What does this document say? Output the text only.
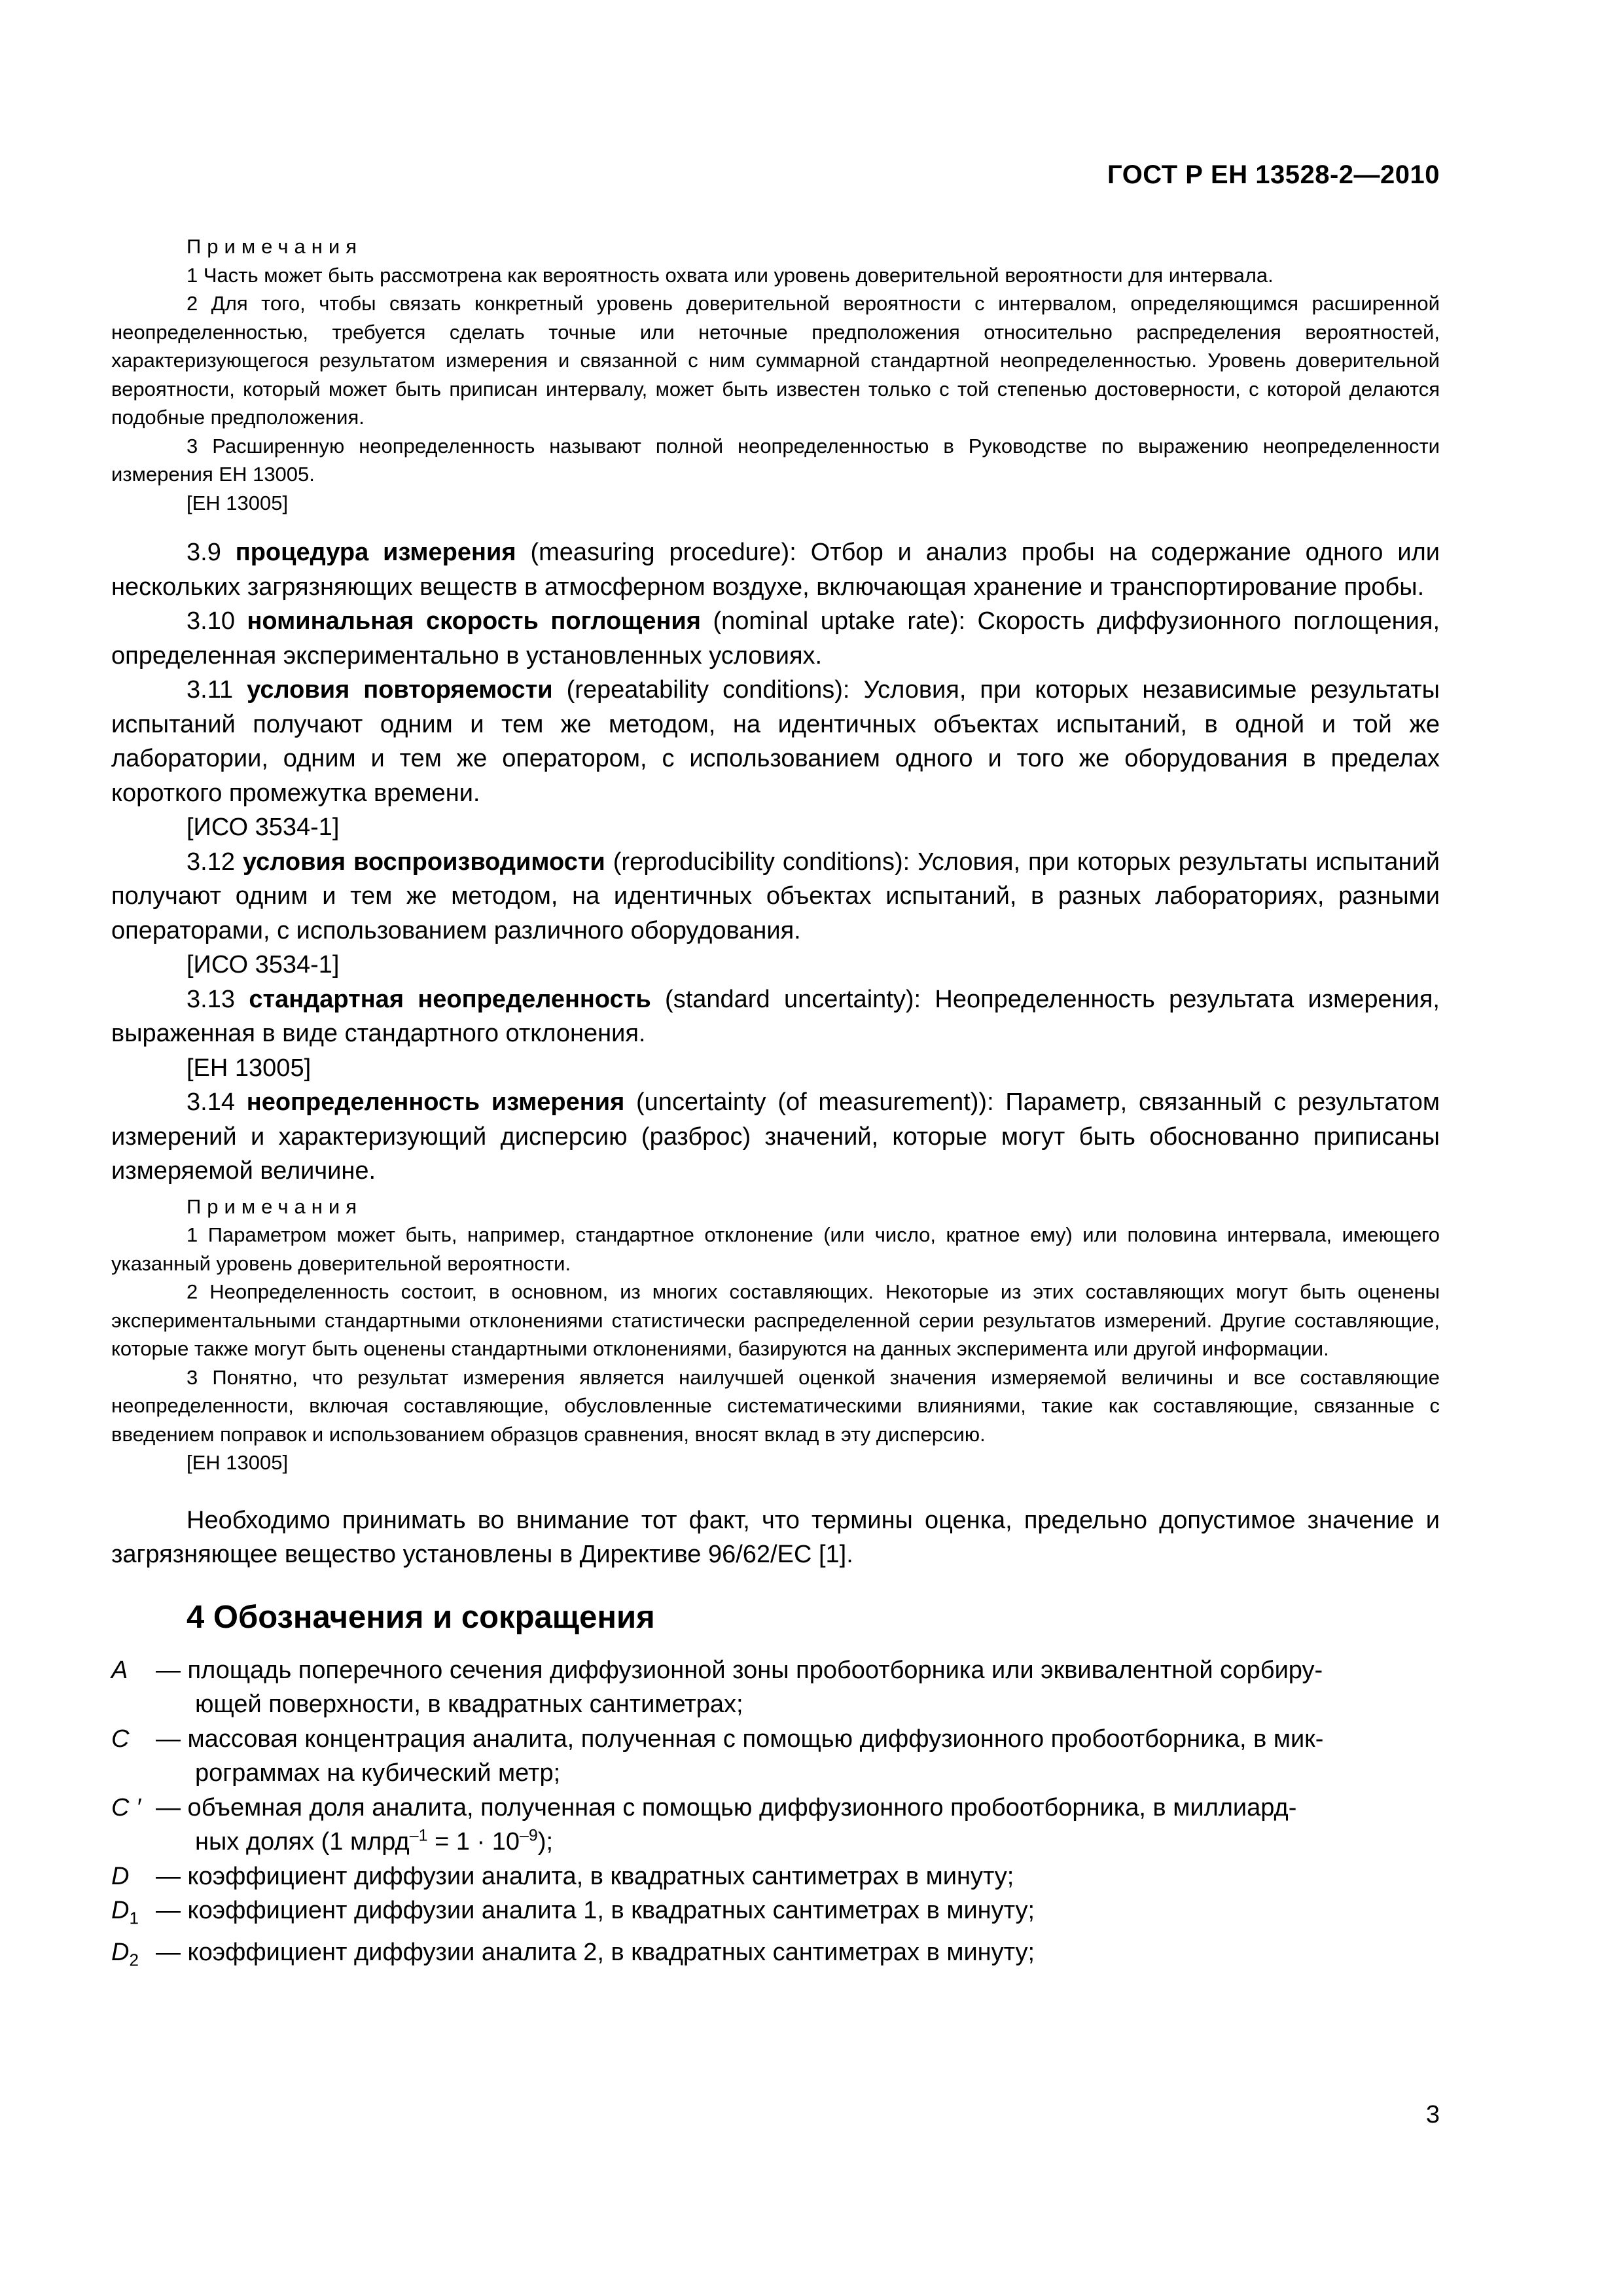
ГОСТ Р ЕН 13528-2—2010

Примечания

1 Часть может быть рассмотрена как вероятность охвата или уровень доверительной вероятности для интервала.

2 Для того, чтобы связать конкретный уровень доверительной вероятности с интервалом, определяющимся расширенной неопределенностью, требуется сделать точные или неточные предположения относительно распределения вероятностей, характеризующегося результатом измерения и связанной с ним суммарной стандартной неопределенностью. Уровень доверительной вероятности, который может быть приписан интервалу, может быть известен только с той степенью достоверности, с которой делаются подобные предположения.

3 Расширенную неопределенность называют полной неопределенностью в Руководстве по выражению неопределенности измерения ЕН 13005.

[ЕН 13005]

3.9 процедура измерения (measuring procedure): Отбор и анализ пробы на содержание одного или нескольких загрязняющих веществ в атмосферном воздухе, включающая хранение и транспортирование пробы.

3.10 номинальная скорость поглощения (nominal uptake rate): Скорость диффузионного поглощения, определенная экспериментально в установленных условиях.

3.11 условия повторяемости (repeatability conditions): Условия, при которых независимые результаты испытаний получают одним и тем же методом, на идентичных объектах испытаний, в одной и той же лаборатории, одним и тем же оператором, с использованием одного и того же оборудования в пределах короткого промежутка времени.

[ИСО 3534-1]

3.12 условия воспроизводимости (reproducibility conditions): Условия, при которых результаты испытаний получают одним и тем же методом, на идентичных объектах испытаний, в разных лабораториях, разными операторами, с использованием различного оборудования.

[ИСО 3534-1]

3.13 стандартная неопределенность (standard uncertainty): Неопределенность результата измерения, выраженная в виде стандартного отклонения.

[ЕН 13005]

3.14 неопределенность измерения (uncertainty (of measurement)): Параметр, связанный с результатом измерений и характеризующий дисперсию (разброс) значений, которые могут быть обоснованно приписаны измеряемой величине.

Примечания

1 Параметром может быть, например, стандартное отклонение (или число, кратное ему) или половина интервала, имеющего указанный уровень доверительной вероятности.

2 Неопределенность состоит, в основном, из многих составляющих. Некоторые из этих составляющих могут быть оценены экспериментальными стандартными отклонениями статистически распределенной серии результатов измерений. Другие составляющие, которые также могут быть оценены стандартными отклонениями, базируются на данных эксперимента или другой информации.

3 Понятно, что результат измерения является наилучшей оценкой значения измеряемой величины и все составляющие неопределенности, включая составляющие, обусловленные систематическими влияниями, такие как составляющие, связанные с введением поправок и использованием образцов сравнения, вносят вклад в эту дисперсию.

[ЕН 13005]

Необходимо принимать во внимание тот факт, что термины оценка, предельно допустимое значение и загрязняющее вещество установлены в Директиве 96/62/ЕС [1].

4 Обозначения и сокращения
A	— площадь поперечного сечения диффузионной зоны пробоотборника или эквивалентной сорбиру-
ющей поверхности, в квадратных сантиметрах;
C	— массовая концентрация аналита, полученная с помощью диффузионного пробоотборника, в мик-
рограммах на кубический метр;
C ′ — объемная доля аналита, полученная с помощью диффузионного пробоотборника, в миллиард-
ных долях (1 млрд$^{-1}$ = $1 \cdot 10^{-9}$);
D	— коэффициент диффузии аналита, в квадратных сантиметрах в минуту;
$D_1$ — коэффициент диффузии аналита 1, в квадратных сантиметрах в минуту;
$D_2$ — коэффициент диффузии аналита 2, в квадратных сантиметрах в минуту;
3
